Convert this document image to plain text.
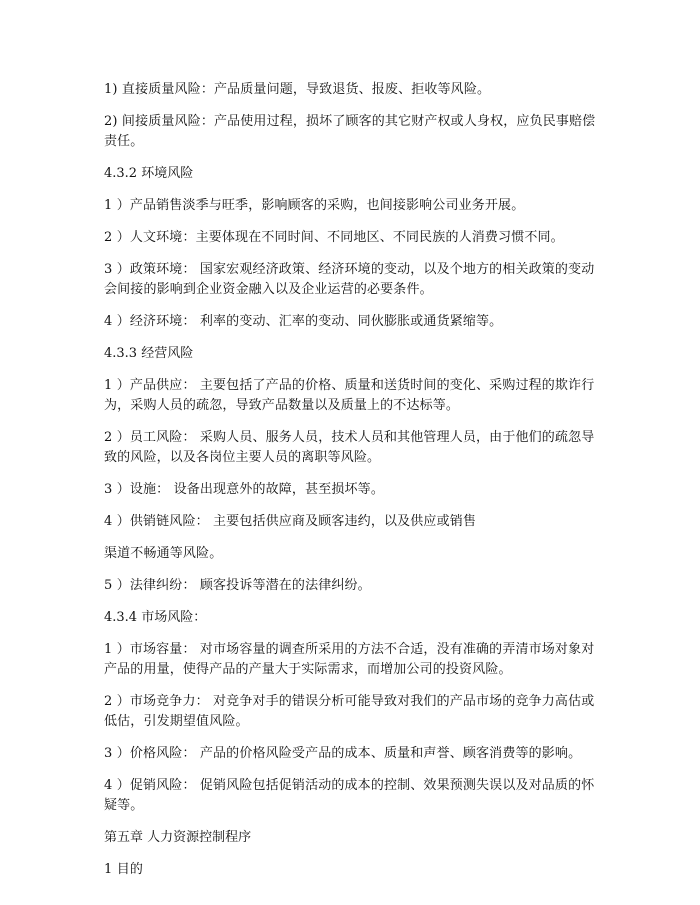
1) 直接质量风险：产品质量问题，导致退货、报废、拒收等风险。

2) 间接质量风险：产品使用过程，损坏了顾客的其它财产权或人身权，应负民事赔偿责任。

4.3.2 环境风险

1 ）产品销售淡季与旺季，影响顾客的采购，也间接影响公司业务开展。

2 ）人文环境：主要体现在不同时间、不同地区、不同民族的人消费习惯不同。

3 ）政策环境： 国家宏观经济政策、经济环境的变动，以及个地方的相关政策的变动会间接的影响到企业资金融入以及企业运营的必要条件。

4 ）经济环境： 利率的变动、汇率的变动、同伙膨胀或通货紧缩等。

4.3.3 经营风险

1 ）产品供应： 主要包括了产品的价格、质量和送货时间的变化、采购过程的欺诈行为，采购人员的疏忽，导致产品数量以及质量上的不达标等。

2 ）员工风险： 采购人员、服务人员，技术人员和其他管理人员，由于他们的疏忽导致的风险，以及各岗位主要人员的离职等风险。

3 ）设施： 设备出现意外的故障，甚至损坏等。

4 ）供销链风险： 主要包括供应商及顾客违约，以及供应或销售

渠道不畅通等风险。

5 ）法律纠纷： 顾客投诉等潜在的法律纠纷。

4.3.4 市场风险：

1 ）市场容量： 对市场容量的调查所采用的方法不合适，没有准确的弄清市场对象对产品的用量，使得产品的产量大于实际需求，而增加公司的投资风险。

2 ）市场竞争力： 对竞争对手的错误分析可能导致对我们的产品市场的竞争力高估或低估，引发期望值风险。

3 ）价格风险： 产品的价格风险受产品的成本、质量和声誉、顾客消费等的影响。

4 ）促销风险： 促销风险包括促销活动的成本的控制、效果预测失误以及对品质的怀疑等。

第五章 人力资源控制程序

1 目的
